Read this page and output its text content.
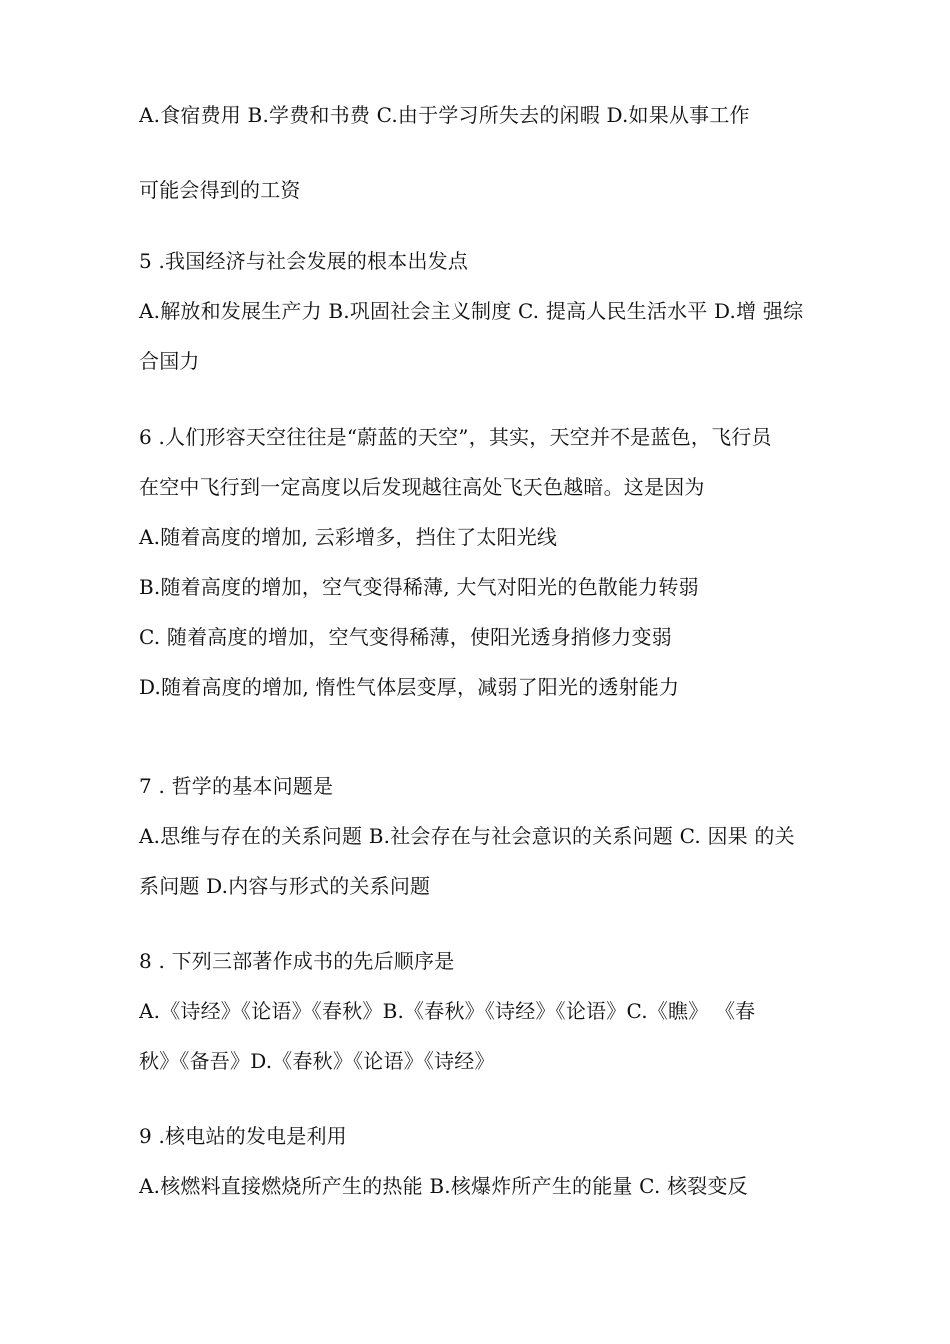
A.食宿费用 B.学费和书费 C.由于学习所失去的闲暇 D.如果从事工作
可能会得到的工资
5 .我国经济与社会发展的根本出发点
A.解放和发展生产力 B.巩固社会主义制度 C. 提高人民生活水平 D.增 强综
合国力
6 .人们形容天空往往是“蔚蓝的天空”，其实，天空并不是蓝色，飞行员
在空中飞行到一定高度以后发现越往高处飞天色越暗。这是因为
A.随着高度的增加, 云彩增多，挡住了太阳光线
B.随着高度的增加，空气变得稀薄, 大气对阳光的色散能力转弱
C. 随着高度的增加，空气变得稀薄，使阳光透身捎修力变弱
D.随着高度的增加, 惰性气体层变厚，减弱了阳光的透射能力
7 . 哲学的基本问题是
A.思维与存在的关系问题 B.社会存在与社会意识的关系问题 C. 因果 的关
系问题 D.内容与形式的关系问题
8 . 下列三部著作成书的先后顺序是
A.《诗经》《论语》《春秋》B.《春秋》《诗经》《论语》C.《瞧》 《春
秋》《备吾》D.《春秋》《论语》《诗经》
9 .核电站的发电是利用
A.核燃料直接燃烧所产生的热能 B.核爆炸所产生的能量 C. 核裂变反
